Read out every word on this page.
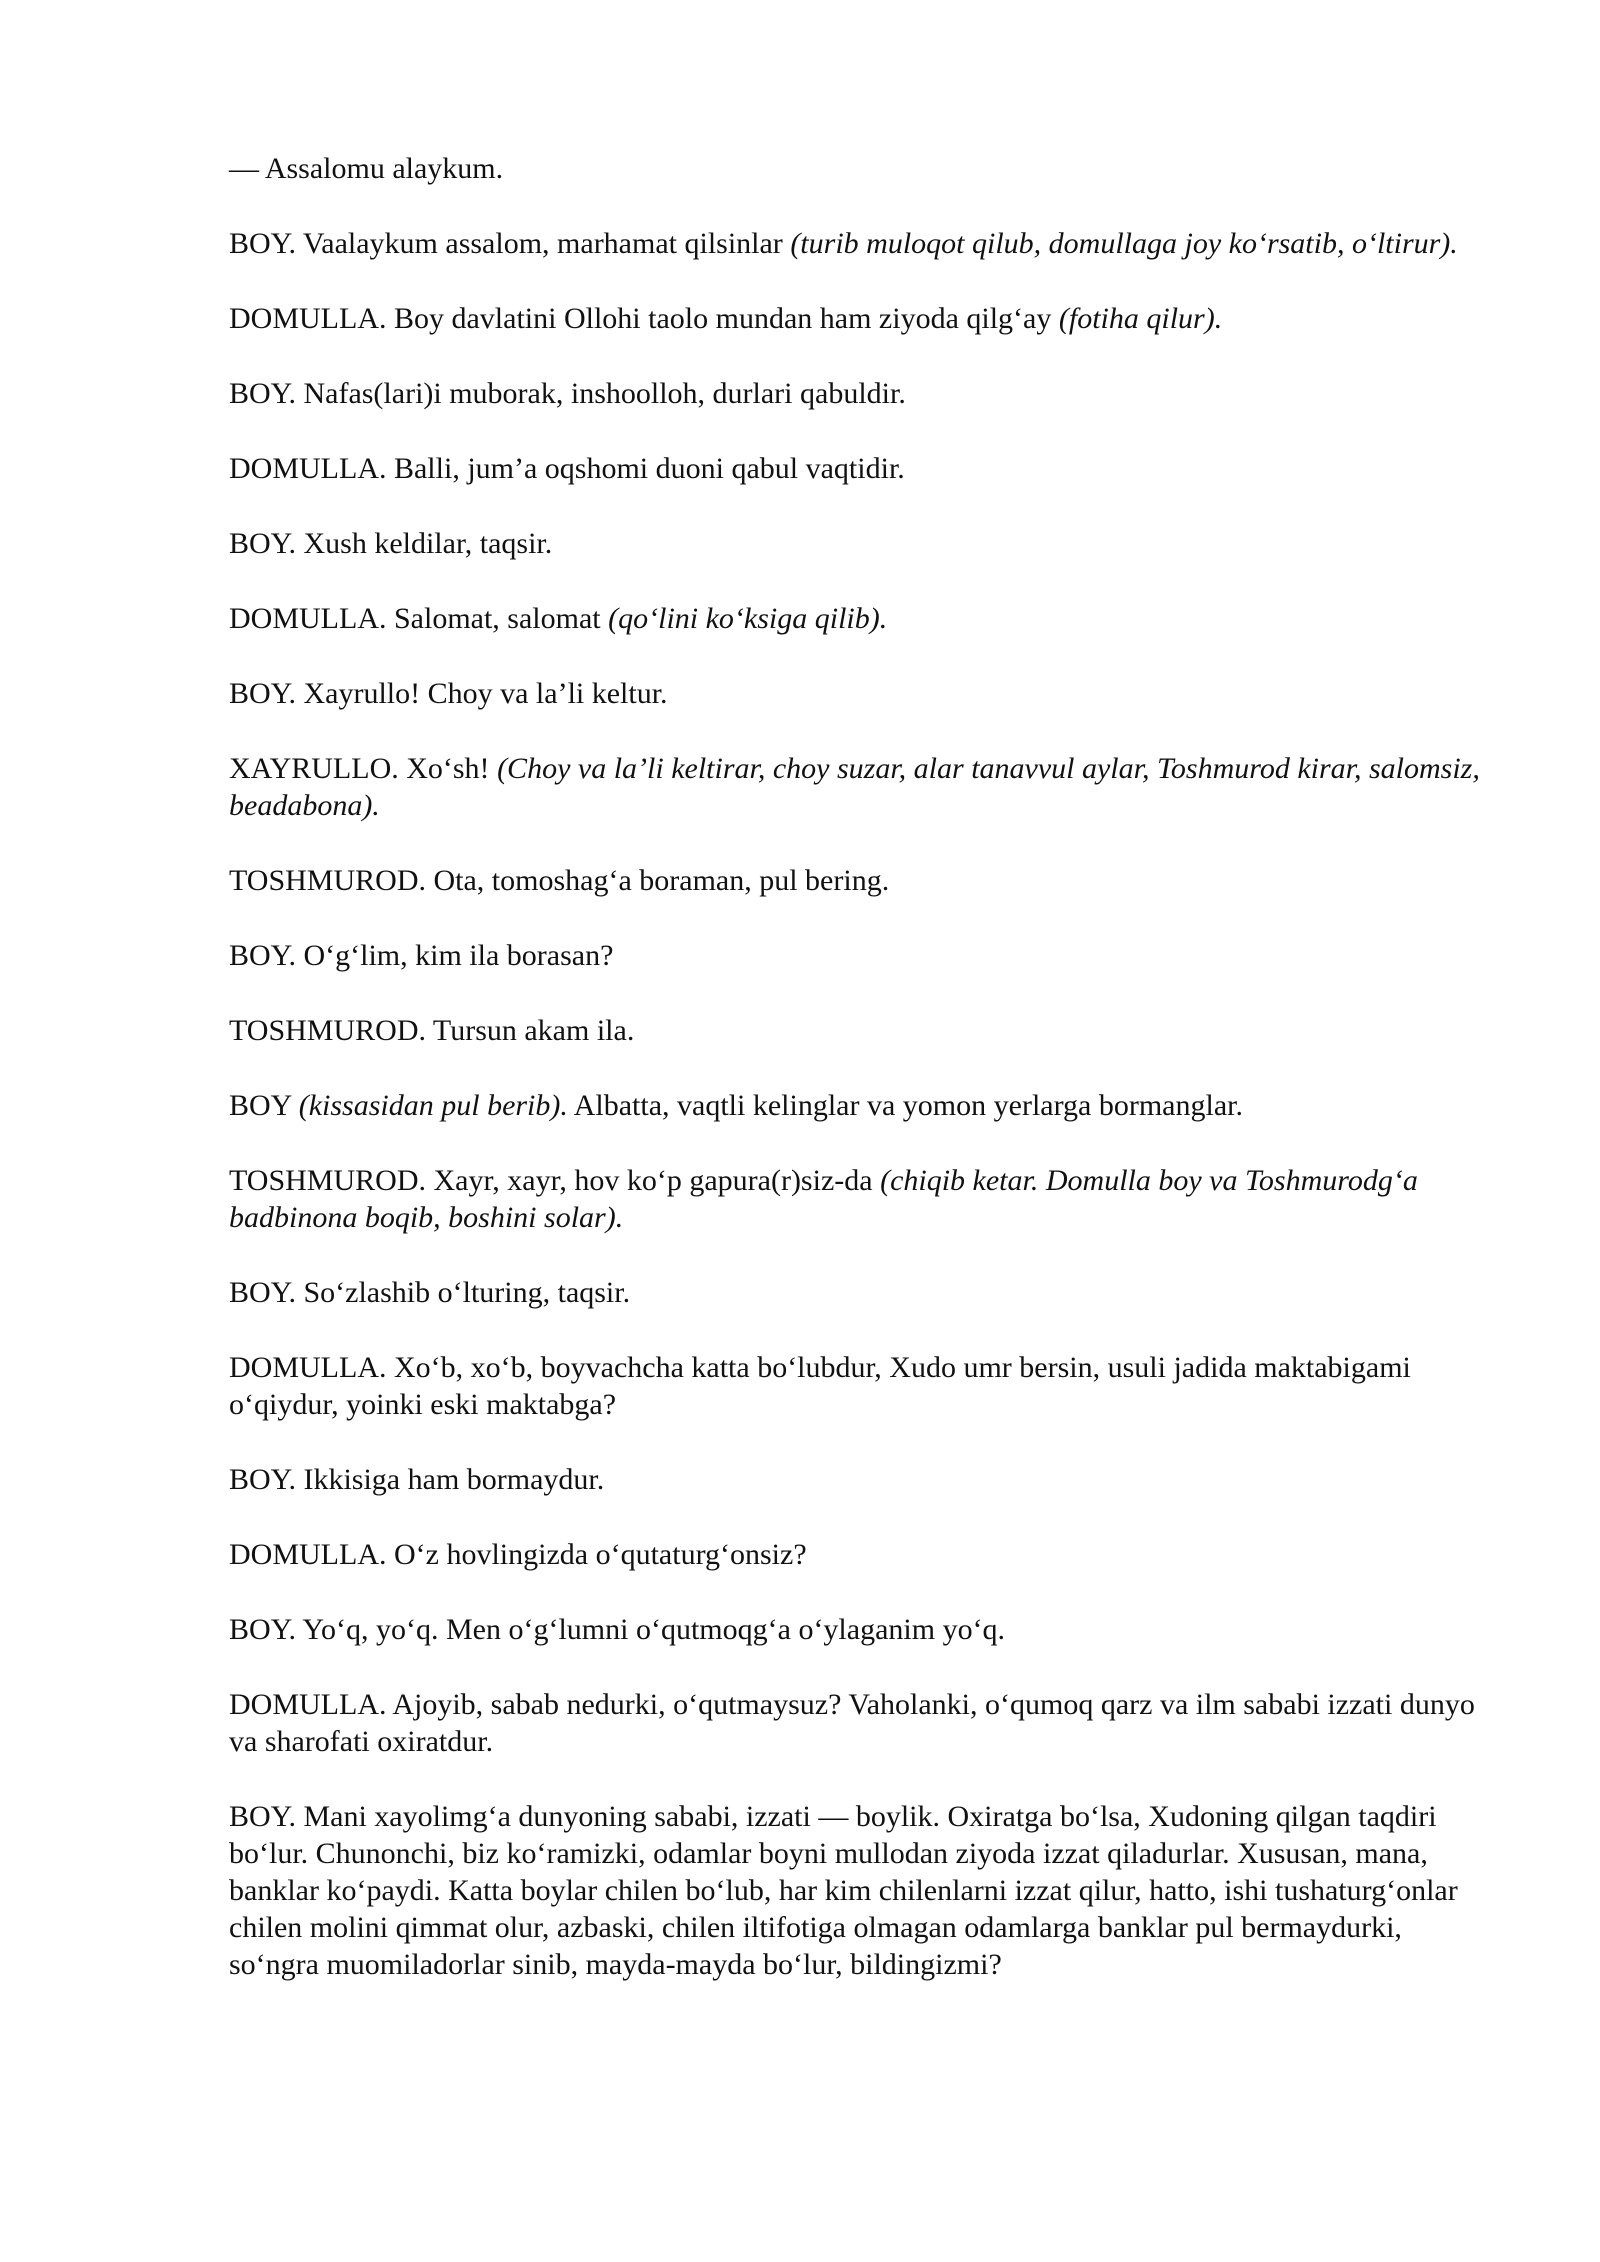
— Assalomu alaykum.

BOY. Vaalaykum assalom, marhamat qilsinlar (turib muloqot qilub, domullaga joy koʻrsatib, oʻltirur).

DOMULLA. Boy davlatini Ollohi taolo mundan ham ziyoda qilgʻay (fotiha qilur).

BOY. Nafas(lari)i muborak, inshoolloh, durlari qabuldir.

DOMULLA. Balli, jum’a oqshomi duoni qabul vaqtidir.

BOY. Xush keldilar, taqsir.

DOMULLA. Salomat, salomat (qoʻlini koʻksiga qilib).

BOY. Xayrullo! Choy va la’li keltur.

XAYRULLO. Xoʻsh! (Choy va la’li keltirar, choy suzar, alar tanavvul aylar, Toshmurod kirar, salomsiz, beadabona).

TOSHMUROD. Ota, tomoshagʻa boraman, pul bering.

BOY. Oʻgʻlim, kim ila borasan?

TOSHMUROD. Tursun akam ila.

BOY (kissasidan pul berib). Albatta, vaqtli kelinglar va yomon yerlarga bormanglar.

TOSHMUROD. Xayr, xayr, hov koʻp gapura(r)siz-da (chiqib ketar. Domulla boy va Toshmurodgʻa badbinona boqib, boshini solar).

BOY. Soʻzlashib oʻlturing, taqsir.

DOMULLA. Xoʻb, xoʻb, boyvachcha katta boʻlubdur, Xudo umr bersin, usuli jadida maktabigami oʻqiydur, yoinki eski maktabga?

BOY. Ikkisiga ham bormaydur.

DOMULLA. Oʻz hovlingizda oʻqutaturgʻonsiz?

BOY. Yoʻq, yoʻq. Men oʻgʻlumni oʻqutmoqgʻa oʻylaganim yoʻq.

DOMULLA. Ajoyib, sabab nedurki, oʻqutmaysuz? Vaholanki, oʻqumoq qarz va ilm sababi izzati dunyo va sharofati oxiratdur.

BOY. Mani xayolimgʻa dunyoning sababi, izzati — boylik. Oxiratga boʻlsa, Xudoning qilgan taqdiri boʻlur. Chunonchi, biz koʻramizki, odamlar boyni mullodan ziyoda izzat qiladurlar. Xususan, mana, banklar koʻpaydi. Katta boylar chilen boʻlub, har kim chilenlarni izzat qilur, hatto, ishi tushaturgʻonlar chilen molini qimmat olur, azbaski, chilen iltifotiga olmagan odamlarga banklar pul bermaydurki, soʻngra muomiladorlar sinib, mayda-mayda boʻlur, bildingizmi?
